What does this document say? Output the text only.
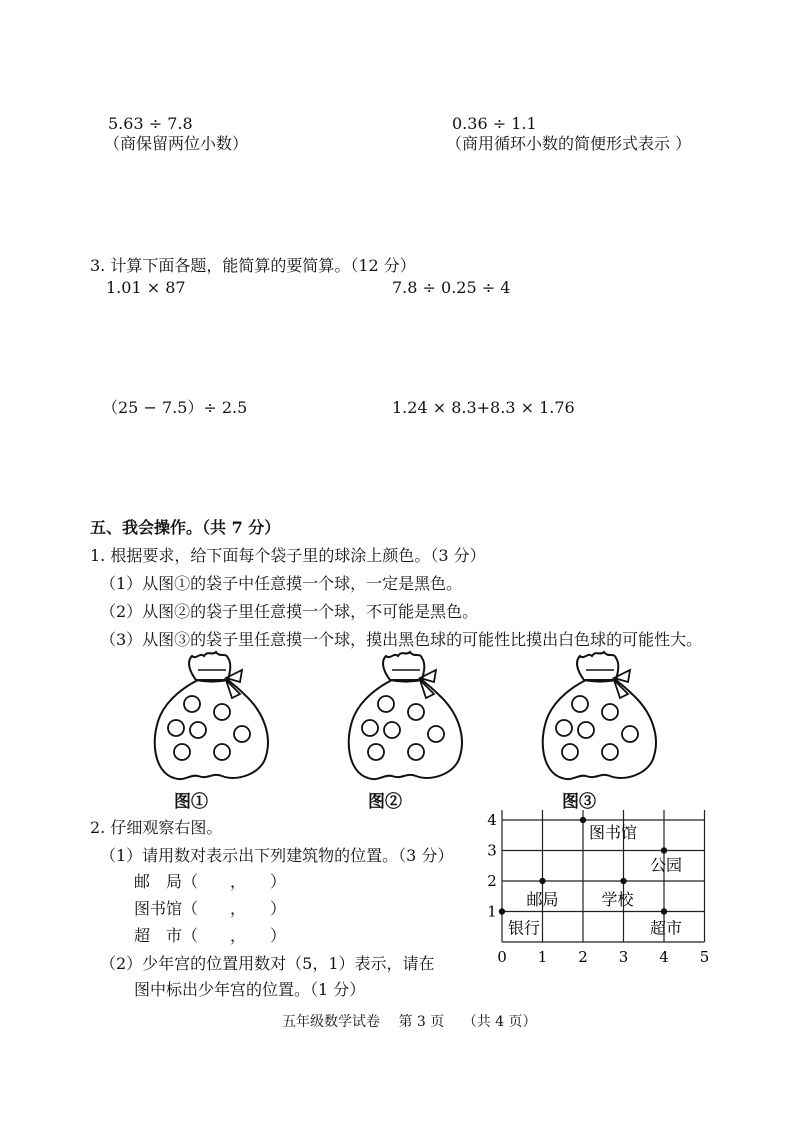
5.63 ÷ 7.8
（商保留两位小数）
0.36 ÷ 1.1
（商用循环小数的简便形式表示 ）
3. 计算下面各题，能简算的要简算。（12 分）
1.01 × 87	7.8 ÷ 0.25 ÷ 4
（25 − 7.5）÷ 2.5	1.24 × 8.3+8.3 × 1.76
五、我会操作。（共 7 分）
1. 根据要求，给下面每个袋子里的球涂上颜色。（3 分）
（1）从图①的袋子中任意摸一个球，一定是黑色。
（2）从图②的袋子里任意摸一个球，不可能是黑色。
（3）从图③的袋子里任意摸一个球，摸出黑色球的可能性比摸出白色球的可能性大。
图①	图②	图③
2. 仔细观察右图。
（1）请用数对表示出下列建筑物的位置。（3 分）
邮　局（　　，　　）
图书馆（　　，　　）
超　市（　　，　　）
（2）少年宫的位置用数对（5，1）表示，请在
图中标出少年宫的位置。（1 分）
0 1 2 3 4 5
1
2
3
4
银行
邮局	学校
图书馆
公园
超市
五年级数学试卷　 第 3 页　 （共 4 页）
